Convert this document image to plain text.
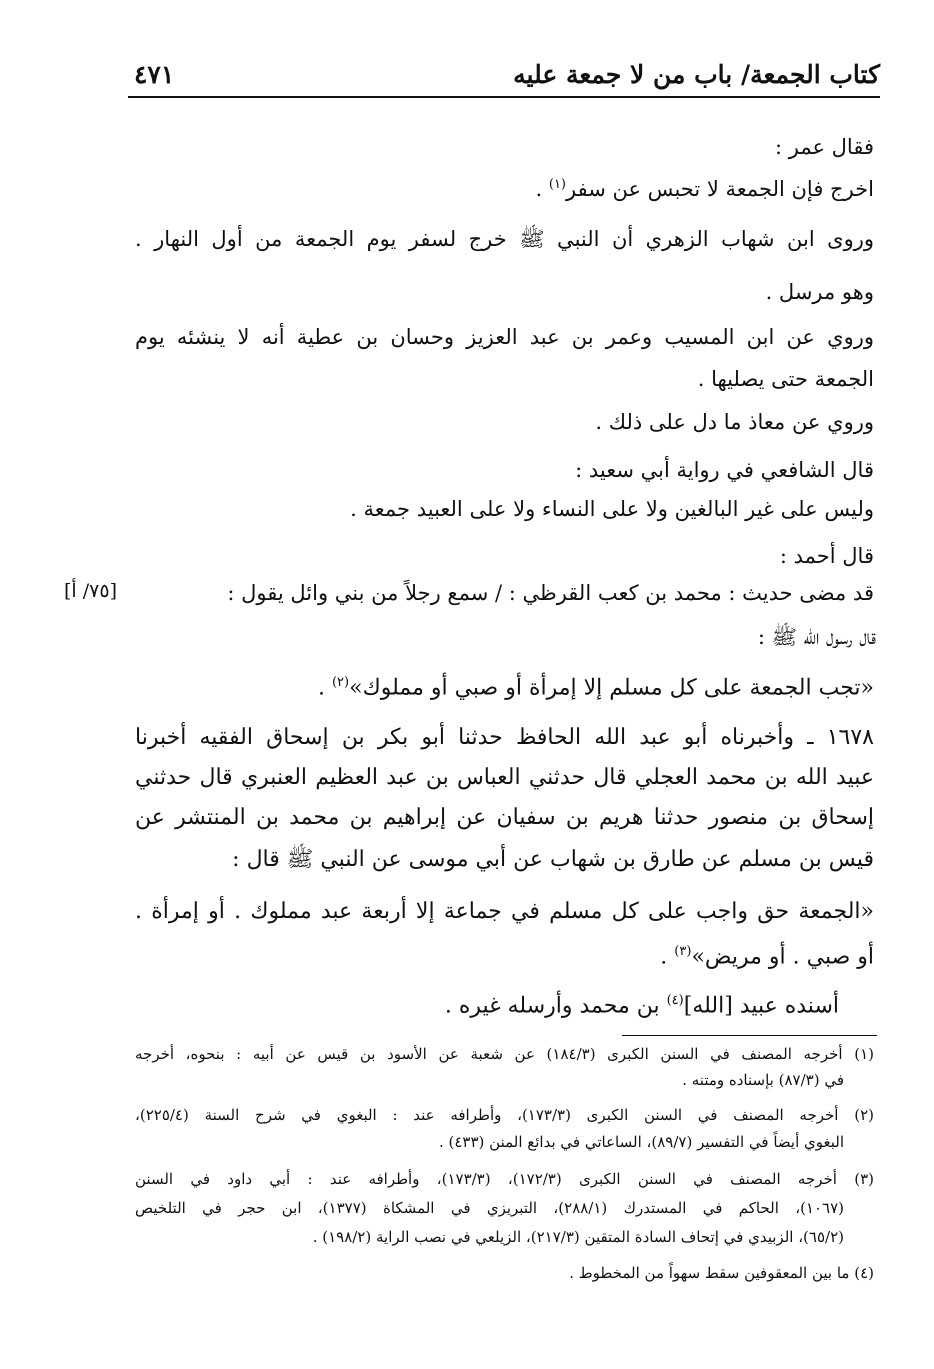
كتاب الجمعة/ باب من لا جمعة عليه
٤٧١
فقال عمر :
اخرج فإن الجمعة لا تحبس عن سفر$^{(١)}$ .
وروى ابن شهاب الزهري أن النبي ﷺ خرج لسفر يوم الجمعة من أول النهار .
وهو مرسل .
وروي عن ابن المسيب وعمر بن عبد العزيز وحسان بن عطية أنه لا ينشئه يوم
الجمعة حتى يصليها .
وروي عن معاذ ما دل على ذلك .
قال الشافعي في رواية أبي سعيد :
وليس على غير البالغين ولا على النساء ولا على العبيد جمعة .
قال أحمد :
قد مضى حديث : محمد بن كعب القرظي : / سمع رجلاً من بني وائل يقول :
[٧٥/ أ]
قال رسول الله ﷺ :
«تجب الجمعة على كل مسلم إلا إمرأة أو صبي أو مملوك»$^{(٢)}$ .
١٦٧٨ ـ وأخبرناه أبو عبد الله الحافظ حدثنا أبو بكر بن إسحاق الفقيه أخبرنا
عبيد الله بن محمد العجلي قال حدثني العباس بن عبد العظيم العنبري قال حدثني
إسحاق بن منصور حدثنا هريم بن سفيان عن إبراهيم بن محمد بن المنتشر عن
قيس بن مسلم عن طارق بن شهاب عن أبي موسى عن النبي ﷺ قال :
«الجمعة حق واجب على كل مسلم في جماعة إلا أربعة عبد مملوك . أو إمرأة .
أو صبي . أو مريض»$^{(٣)}$ .
أسنده عبيد [الله]$^{(٤)}$ بن محمد وأرسله غيره .
(١) أخرجه المصنف في السنن الكبرى (١٨٤/٣) عن شعبة عن الأسود بن قيس عن أبيه : بنحوه، أخرجه
في (٨٧/٣) بإسناده ومتنه .
(٢) أخرجه المصنف في السنن الكبرى (١٧٣/٣)، وأطرافه عند : البغوي في شرح السنة (٢٢٥/٤)،
البغوي أيضاً في التفسير (٨٩/٧)، الساعاتي في بدائع المنن (٤٣٣) .
(٣) أخرجه المصنف في السنن الكبرى (١٧٢/٣)، (١٧٣/٣)، وأطرافه عند : أبي داود في السنن
(١٠٦٧)، الحاكم في المستدرك (٢٨٨/١)، التبريزي في المشكاة (١٣٧٧)، ابن حجر في التلخيص
(٦٥/٢)، الزبيدي في إتحاف السادة المتقين (٢١٧/٣)، الزيلعي في نصب الراية (١٩٨/٢) .
(٤) ما بين المعقوفين سقط سهواً من المخطوط .
